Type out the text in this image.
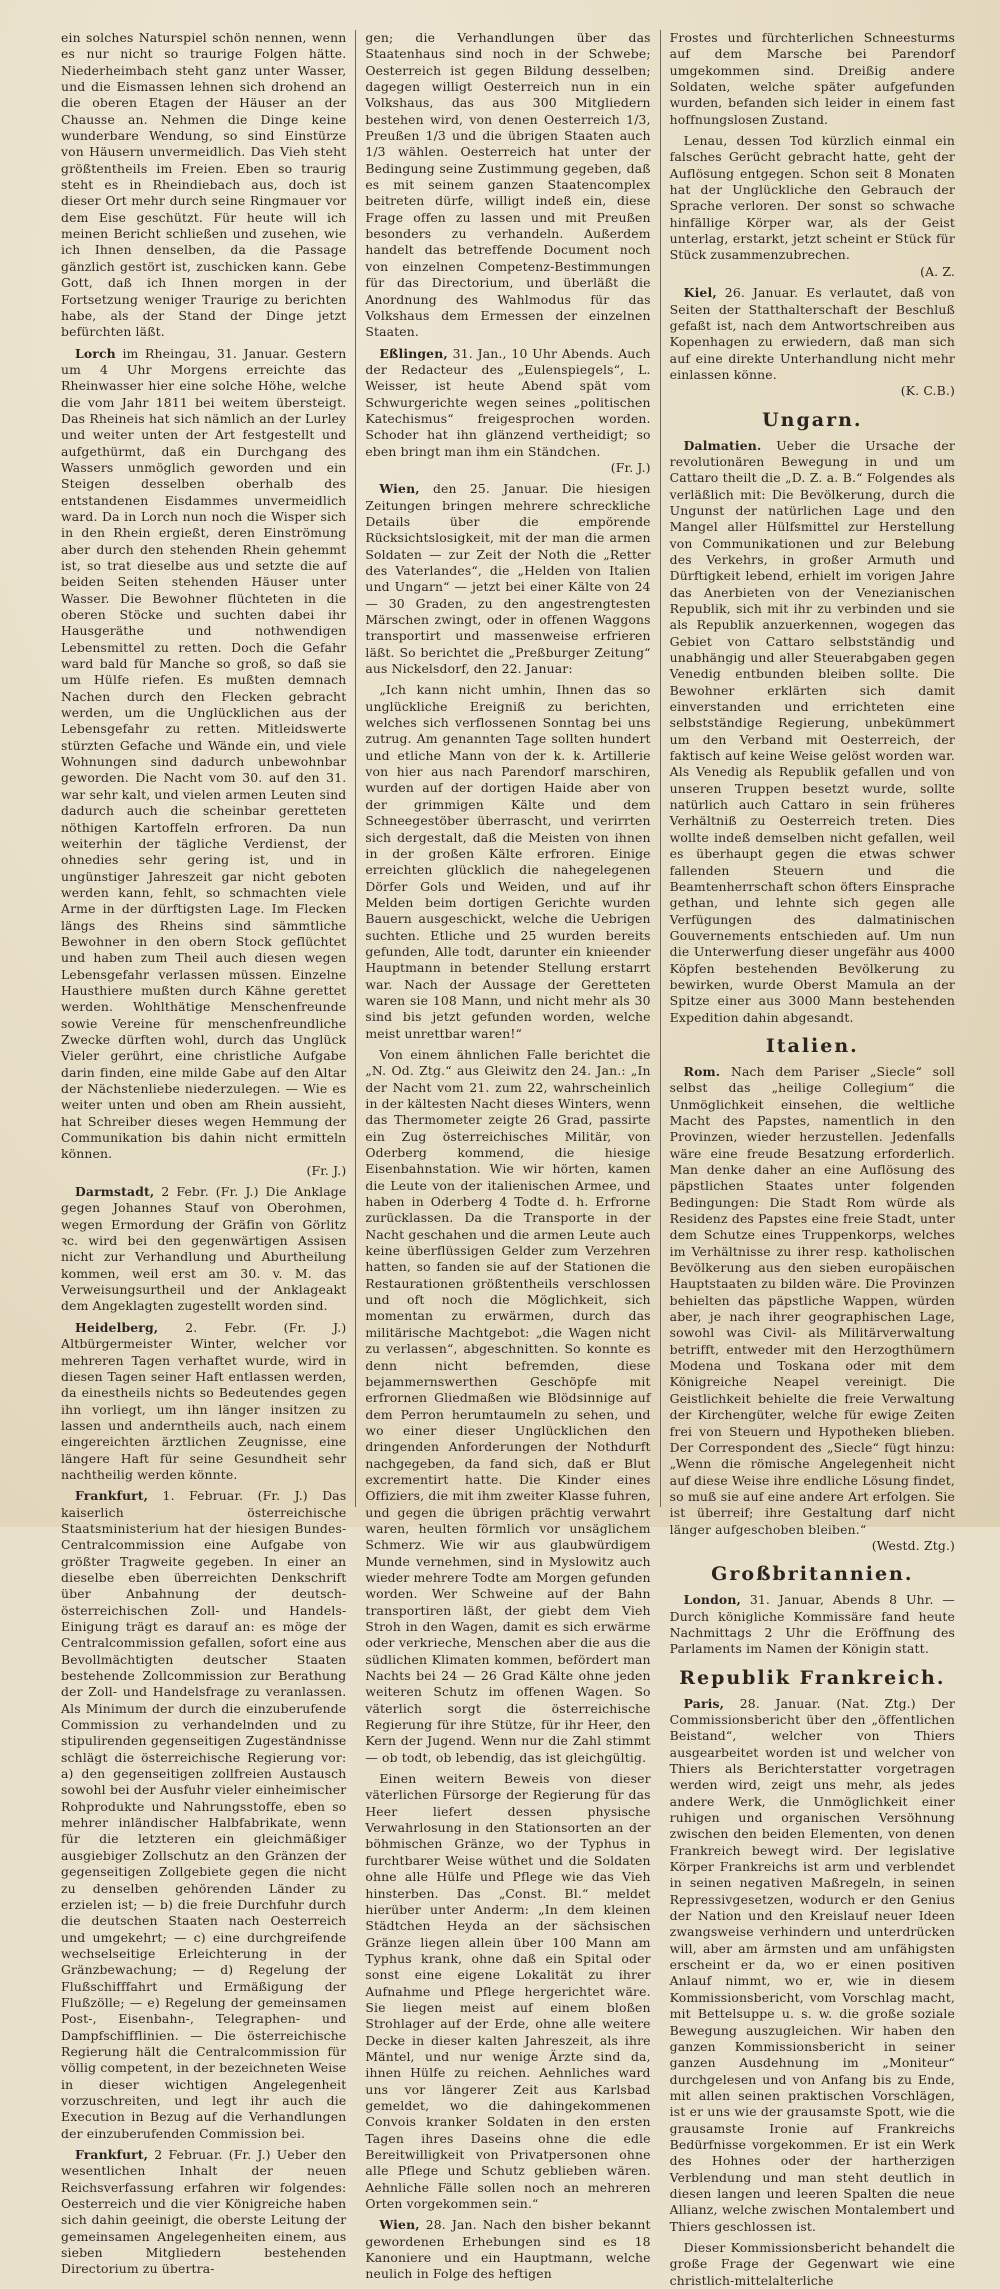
ein solches Naturspiel schön nennen, wenn es nur nicht so traurige Folgen hätte. Niederheimbach steht ganz unter Wasser, und die Eismassen lehnen sich drohend an die oberen Etagen der Häuser an der Chausse an. Nehmen die Dinge keine wunderbare Wendung, so sind Einstürze von Häusern unvermeidlich. Das Vieh steht größtentheils im Freien. Eben so traurig steht es in Rheindiebach aus, doch ist dieser Ort mehr durch seine Ringmauer vor dem Eise geschützt. Für heute will ich meinen Bericht schließen und zusehen, wie ich Ihnen denselben, da die Passage gänzlich gestört ist, zuschicken kann. Gebe Gott, daß ich Ihnen morgen in der Fortsetzung weniger Traurige zu berichten habe, als der Stand der Dinge jetzt befürchten läßt.

Lorch im Rheingau, 31. Januar. Gestern um 4 Uhr Morgens erreichte das Rheinwasser hier eine solche Höhe, welche die vom Jahr 1811 bei weitem übersteigt. Das Rheineis hat sich nämlich an der Lurley und weiter unten der Art festgestellt und aufgethürmt, daß ein Durchgang des Wassers unmöglich geworden und ein Steigen desselben oberhalb des entstandenen Eisdammes unvermeidlich ward. Da in Lorch nun noch die Wisper sich in den Rhein ergießt, deren Einströmung aber durch den stehenden Rhein gehemmt ist, so trat dieselbe aus und setzte die auf beiden Seiten stehenden Häuser unter Wasser. Die Bewohner flüchteten in die oberen Stöcke und suchten dabei ihr Hausgeräthe und nothwendigen Lebensmittel zu retten. Doch die Gefahr ward bald für Manche so groß, so daß sie um Hülfe riefen. Es mußten demnach Nachen durch den Flecken gebracht werden, um die Unglücklichen aus der Lebensgefahr zu retten. Mitleidswerte stürzten Gefache und Wände ein, und viele Wohnungen sind dadurch unbewohnbar geworden. Die Nacht vom 30. auf den 31. war sehr kalt, und vielen armen Leuten sind dadurch auch die scheinbar geretteten nöthigen Kartoffeln erfroren. Da nun weiterhin der tägliche Verdienst, der ohnedies sehr gering ist, und in ungünstiger Jahreszeit gar nicht geboten werden kann, fehlt, so schmachten viele Arme in der dürftigsten Lage. Im Flecken längs des Rheins sind sämmtliche Bewohner in den obern Stock geflüchtet und haben zum Theil auch diesen wegen Lebensgefahr verlassen müssen. Einzelne Hausthiere mußten durch Kähne gerettet werden. Wohlthätige Menschenfreunde sowie Vereine für menschenfreundliche Zwecke dürften wohl, durch das Unglück Vieler gerührt, eine christliche Aufgabe darin finden, eine milde Gabe auf den Altar der Nächstenliebe niederzulegen. — Wie es weiter unten und oben am Rhein aussieht, hat Schreiber dieses wegen Hemmung der Communikation bis dahin nicht ermitteln können.
(Fr. J.)

Darmstadt, 2 Febr. (Fr. J.) Die Anklage gegen Johannes Stauf von Oberohmen, wegen Ermordung der Gräfin von Görlitz ꝛc. wird bei den gegenwärtigen Assisen nicht zur Verhandlung und Aburtheilung kommen, weil erst am 30. v. M. das Verweisungsurtheil und der Anklageakt dem Angeklagten zugestellt worden sind.

Heidelberg, 2. Febr. (Fr. J.) Altbürgermeister Winter, welcher vor mehreren Tagen verhaftet wurde, wird in diesen Tagen seiner Haft entlassen werden, da einestheils nichts so Bedeutendes gegen ihn vorliegt, um ihn länger insitzen zu lassen und anderntheils auch, nach einem eingereichten ärztlichen Zeugnisse, eine längere Haft für seine Gesundheit sehr nachtheilig werden könnte.

Frankfurt, 1. Februar. (Fr. J.) Das kaiserlich österreichische Staatsministerium hat der hiesigen Bundes-Centralcommission eine Aufgabe von größter Tragweite gegeben. In einer an dieselbe eben überreichten Denkschrift über Anbahnung der deutsch-österreichischen Zoll- und Handels-Einigung trägt es darauf an: es möge der Centralcommission gefallen, sofort eine aus Bevollmächtigten deutscher Staaten bestehende Zollcommission zur Berathung der Zoll- und Handelsfrage zu veranlassen. Als Minimum der durch die einzuberufende Commission zu verhandelnden und zu stipulirenden gegenseitigen Zugeständnisse schlägt die österreichische Regierung vor: a) den gegenseitigen zollfreien Austausch sowohl bei der Ausfuhr vieler einheimischer Rohprodukte und Nahrungsstoffe, eben so mehrer inländischer Halbfabrikate, wenn für die letzteren ein gleichmäßiger ausgiebiger Zollschutz an den Gränzen der gegenseitigen Zollgebiete gegen die nicht zu denselben gehörenden Länder zu erzielen ist; — b) die freie Durchfuhr durch die deutschen Staaten nach Oesterreich und umgekehrt; — c) eine durchgreifende wechselseitige Erleichterung in der Gränzbewachung; — d) Regelung der Flußschifffahrt und Ermäßigung der Flußzölle; — e) Regelung der gemeinsamen Post-, Eisenbahn-, Telegraphen- und Dampfschifflinien. — Die österreichische Regierung hält die Centralcommission für völlig competent, in der bezeichneten Weise in dieser wichtigen Angelegenheit vorzuschreiten, und legt ihr auch die Execution in Bezug auf die Verhandlungen der einzuberufenden Commission bei.

Frankfurt, 2 Februar. (Fr. J.) Ueber den wesentlichen Inhalt der neuen Reichsverfassung erfahren wir folgendes: Oesterreich und die vier Königreiche haben sich dahin geeinigt, die oberste Leitung der gemeinsamen Angelegenheiten einem, aus sieben Mitgliedern bestehenden Directorium zu übertra-

gen; die Verhandlungen über das Staatenhaus sind noch in der Schwebe; Oesterreich ist gegen Bildung desselben; dagegen willigt Oesterreich nun in ein Volkshaus, das aus 300 Mitgliedern bestehen wird, von denen Oesterreich 1/3, Preußen 1/3 und die übrigen Staaten auch 1/3 wählen. Oesterreich hat unter der Bedingung seine Zustimmung gegeben, daß es mit seinem ganzen Staatencomplex beitreten dürfe, willigt indeß ein, diese Frage offen zu lassen und mit Preußen besonders zu verhandeln. Außerdem handelt das betreffende Document noch von einzelnen Competenz-Bestimmungen für das Directorium, und überläßt die Anordnung des Wahlmodus für das Volkshaus dem Ermessen der einzelnen Staaten.

Eßlingen, 31. Jan., 10 Uhr Abends. Auch der Redacteur des „Eulenspiegels“, L. Weisser, ist heute Abend spät vom Schwurgerichte wegen seines „politischen Katechismus“ freigesprochen worden. Schoder hat ihn glänzend vertheidigt; so eben bringt man ihm ein Ständchen.
(Fr. J.)

Wien, den 25. Januar. Die hiesigen Zeitungen bringen mehrere schreckliche Details über die empörende Rücksichtslosigkeit, mit der man die armen Soldaten — zur Zeit der Noth die „Retter des Vaterlandes“, die „Helden von Italien und Ungarn“ — jetzt bei einer Kälte von 24 — 30 Graden, zu den angestrengtesten Märschen zwingt, oder in offenen Waggons transportirt und massenweise erfrieren läßt. So berichtet die „Preßburger Zeitung“ aus Nickelsdorf, den 22. Januar:

„Ich kann nicht umhin, Ihnen das so unglückliche Ereigniß zu berichten, welches sich verflossenen Sonntag bei uns zutrug. Am genannten Tage sollten hundert und etliche Mann von der k. k. Artillerie von hier aus nach Parendorf marschiren, wurden auf der dortigen Haide aber von der grimmigen Kälte und dem Schneegestöber überrascht, und verirrten sich dergestalt, daß die Meisten von ihnen in der großen Kälte erfroren. Einige erreichten glücklich die nahegelegenen Dörfer Gols und Weiden, und auf ihr Melden beim dortigen Gerichte wurden Bauern ausgeschickt, welche die Uebrigen suchten. Etliche und 25 wurden bereits gefunden, Alle todt, darunter ein knieender Hauptmann in betender Stellung erstarrt war. Nach der Aussage der Geretteten waren sie 108 Mann, und nicht mehr als 30 sind bis jetzt gefunden worden, welche meist unrettbar waren!“

Von einem ähnlichen Falle berichtet die „N. Od. Ztg.“ aus Gleiwitz den 24. Jan.: „In der Nacht vom 21. zum 22, wahrscheinlich in der kältesten Nacht dieses Winters, wenn das Thermometer zeigte 26 Grad, passirte ein Zug österreichisches Militär, von Oderberg kommend, die hiesige Eisenbahnstation. Wie wir hörten, kamen die Leute von der italienischen Armee, und haben in Oderberg 4 Todte d. h. Erfrorne zurücklassen. Da die Transporte in der Nacht geschahen und die armen Leute auch keine überflüssigen Gelder zum Verzehren hatten, so fanden sie auf der Stationen die Restaurationen größtentheils verschlossen und oft noch die Möglichkeit, sich momentan zu erwärmen, durch das militärische Machtgebot: „die Wagen nicht zu verlassen“, abgeschnitten. So konnte es denn nicht befremden, diese bejammernswerthen Geschöpfe mit erfrornen Gliedmaßen wie Blödsinnige auf dem Perron herumtaumeln zu sehen, und wo einer dieser Unglücklichen den dringenden Anforderungen der Nothdurft nachgegeben, da fand sich, daß er Blut excrementirt hatte. Die Kinder eines Offiziers, die mit ihm zweiter Klasse fuhren, und gegen die übrigen prächtig verwahrt waren, heulten förmlich vor unsäglichem Schmerz. Wie wir aus glaubwürdigem Munde vernehmen, sind in Myslowitz auch wieder mehrere Todte am Morgen gefunden worden. Wer Schweine auf der Bahn transportiren läßt, der giebt dem Vieh Stroh in den Wagen, damit es sich erwärme oder verkrieche, Menschen aber die aus die südlichen Klimaten kommen, befördert man Nachts bei 24 — 26 Grad Kälte ohne jeden weiteren Schutz im offenen Wagen. So väterlich sorgt die österreichische Regierung für ihre Stütze, für ihr Heer, den Kern der Jugend. Wenn nur die Zahl stimmt — ob todt, ob lebendig, das ist gleichgültig.

Einen weitern Beweis von dieser väterlichen Fürsorge der Regierung für das Heer liefert dessen physische Verwahrlosung in den Stationsorten an der böhmischen Gränze, wo der Typhus in furchtbarer Weise wüthet und die Soldaten ohne alle Hülfe und Pflege wie das Vieh hinsterben. Das „Const. Bl.“ meldet hierüber unter Anderm: „In dem kleinen Städtchen Heyda an der sächsischen Gränze liegen allein über 100 Mann am Typhus krank, ohne daß ein Spital oder sonst eine eigene Lokalität zu ihrer Aufnahme und Pflege hergerichtet wäre. Sie liegen meist auf einem bloßen Strohlager auf der Erde, ohne alle weitere Decke in dieser kalten Jahreszeit, als ihre Mäntel, und nur wenige Ärzte sind da, ihnen Hülfe zu reichen. Aehnliches ward uns vor längerer Zeit aus Karlsbad gemeldet, wo die dahingekommenen Convois kranker Soldaten in den ersten Tagen ihres Daseins ohne die edle Bereitwilligkeit von Privatpersonen ohne alle Pflege und Schutz geblieben wären. Aehnliche Fälle sollen noch an mehreren Orten vorgekommen sein.“

Wien, 28. Jan. Nach den bisher bekannt gewordenen Erhebungen sind es 18 Kanoniere und ein Hauptmann, welche neulich in Folge des heftigen

Frostes und fürchterlichen Schneesturms auf dem Marsche bei Parendorf umgekommen sind. Dreißig andere Soldaten, welche später aufgefunden wurden, befanden sich leider in einem fast hoffnungslosen Zustand.

Lenau, dessen Tod kürzlich einmal ein falsches Gerücht gebracht hatte, geht der Auflösung entgegen. Schon seit 8 Monaten hat der Unglückliche den Gebrauch der Sprache verloren. Der sonst so schwache hinfällige Körper war, als der Geist unterlag, erstarkt, jetzt scheint er Stück für Stück zusammenzubrechen.
(A. Z.

Kiel, 26. Januar. Es verlautet, daß von Seiten der Statthalterschaft der Beschluß gefaßt ist, nach dem Antwortschreiben aus Kopenhagen zu erwiedern, daß man sich auf eine direkte Unterhandlung nicht mehr einlassen könne.
(K. C.B.)

Ungarn.

Dalmatien. Ueber die Ursache der revolutionären Bewegung in und um Cattaro theilt die „D. Z. a. B.“ Folgendes als verläßlich mit: Die Bevölkerung, durch die Ungunst der natürlichen Lage und den Mangel aller Hülfsmittel zur Herstellung von Communikationen und zur Belebung des Verkehrs, in großer Armuth und Dürftigkeit lebend, erhielt im vorigen Jahre das Anerbieten von der Venezianischen Republik, sich mit ihr zu verbinden und sie als Republik anzuerkennen, wogegen das Gebiet von Cattaro selbstständig und unabhängig und aller Steuerabgaben gegen Venedig entbunden bleiben sollte. Die Bewohner erklärten sich damit einverstanden und errichteten eine selbstständige Regierung, unbekümmert um den Verband mit Oesterreich, der faktisch auf keine Weise gelöst worden war. Als Venedig als Republik gefallen und von unseren Truppen besetzt wurde, sollte natürlich auch Cattaro in sein früheres Verhältniß zu Oesterreich treten. Dies wollte indeß demselben nicht gefallen, weil es überhaupt gegen die etwas schwer fallenden Steuern und die Beamtenherrschaft schon öfters Einsprache gethan, und lehnte sich gegen alle Verfügungen des dalmatinischen Gouvernements entschieden auf. Um nun die Unterwerfung dieser ungefähr aus 4000 Köpfen bestehenden Bevölkerung zu bewirken, wurde Oberst Mamula an der Spitze einer aus 3000 Mann bestehenden Expedition dahin abgesandt.

Italien.

Rom. Nach dem Pariser „Siecle“ soll selbst das „heilige Collegium“ die Unmöglichkeit einsehen, die weltliche Macht des Papstes, namentlich in den Provinzen, wieder herzustellen. Jedenfalls wäre eine freude Besatzung erforderlich. Man denke daher an eine Auflösung des päpstlichen Staates unter folgenden Bedingungen: Die Stadt Rom würde als Residenz des Papstes eine freie Stadt, unter dem Schutze eines Truppenkorps, welches im Verhältnisse zu ihrer resp. katholischen Bevölkerung aus den sieben europäischen Hauptstaaten zu bilden wäre. Die Provinzen behielten das päpstliche Wappen, würden aber, je nach ihrer geographischen Lage, sowohl was Civil- als Militärverwaltung betrifft, entweder mit den Herzogthümern Modena und Toskana oder mit dem Königreiche Neapel vereinigt. Die Geistlichkeit behielte die freie Verwaltung der Kirchengüter, welche für ewige Zeiten frei von Steuern und Hypotheken blieben. Der Correspondent des „Siecle“ fügt hinzu: „Wenn die römische Angelegenheit nicht auf diese Weise ihre endliche Lösung findet, so muß sie auf eine andere Art erfolgen. Sie ist überreif; ihre Gestaltung darf nicht länger aufgeschoben bleiben.“
(Westd. Ztg.)

Großbritannien.

London, 31. Januar, Abends 8 Uhr. — Durch königliche Kommissäre fand heute Nachmittags 2 Uhr die Eröffnung des Parlaments im Namen der Königin statt.

Republik Frankreich.

Paris, 28. Januar. (Nat. Ztg.) Der Commissionsbericht über den „öffentlichen Beistand“, welcher von Thiers ausgearbeitet worden ist und welcher von Thiers als Berichterstatter vorgetragen werden wird, zeigt uns mehr, als jedes andere Werk, die Unmöglichkeit einer ruhigen und organischen Versöhnung zwischen den beiden Elementen, von denen Frankreich bewegt wird. Der legislative Körper Frankreichs ist arm und verblendet in seinen negativen Maßregeln, in seinen Repressivgesetzen, wodurch er den Genius der Nation und den Kreislauf neuer Ideen zwangsweise verhindern und unterdrücken will, aber am ärmsten und am unfähigsten erscheint er da, wo er einen positiven Anlauf nimmt, wo er, wie in diesem Kommissionsbericht, vom Vorschlag macht, mit Bettelsuppe u. s. w. die große soziale Bewegung auszugleichen. Wir haben den ganzen Kommissionsbericht in seiner ganzen Ausdehnung im „Moniteur“ durchgelesen und von Anfang bis zu Ende, mit allen seinen praktischen Vorschlägen, ist er uns wie der grausamste Spott, wie die grausamste Ironie auf Frankreichs Bedürfnisse vorgekommen. Er ist ein Werk des Hohnes oder der hartherzigen Verblendung und man steht deutlich in diesen langen und leeren Spalten die neue Allianz, welche zwischen Montalembert und Thiers geschlossen ist.

Dieser Kommissionsbericht behandelt die große Frage der Gegenwart wie eine christlich-mittelalterliche
